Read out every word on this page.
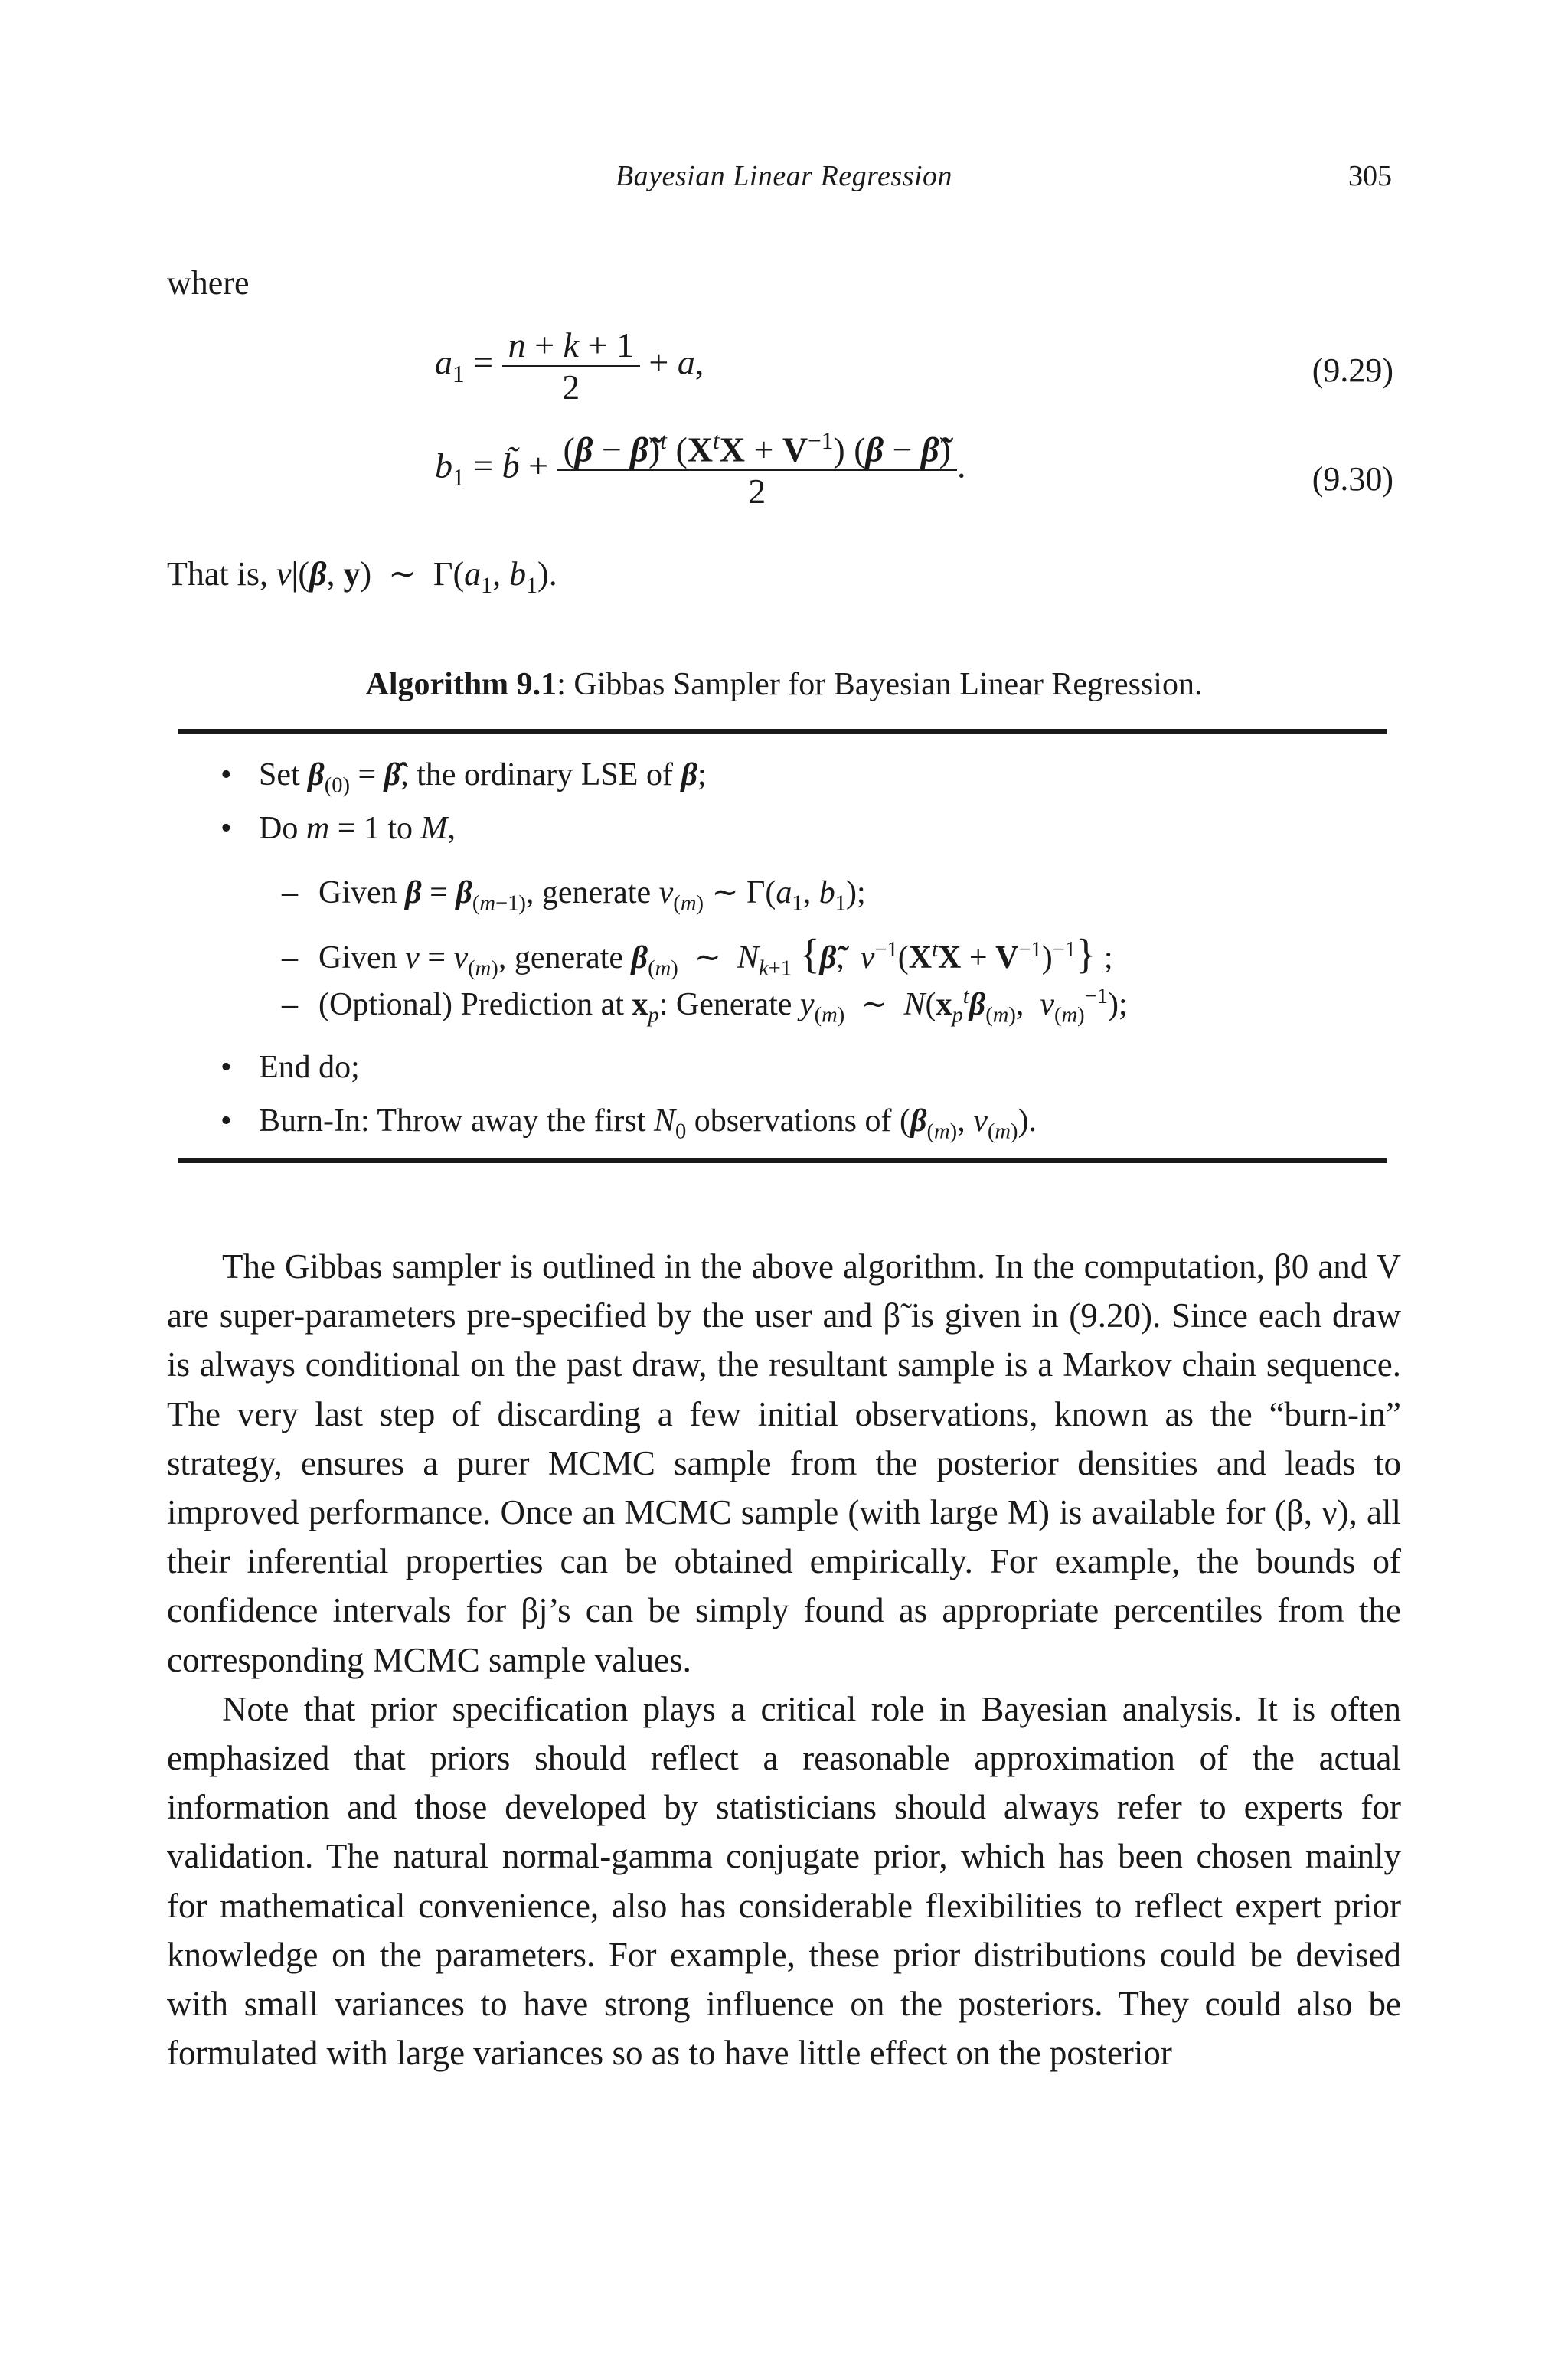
Bayesian Linear Regression	305
where
$a_1 = \frac{n + k + 1}{2} + a$,	(9.29)
$b_1$ = b̃ + $\frac{(\beta - \betã)^t (X^tX + V^{-1}) (\beta - \betã)}{2}$ .	(9.30)
That is, ν|(β, y)  ∼  $\Gamma(a_1$, $b_1$).
Algorithm 9.1: Gibbas Sampler for Bayesian Linear Regression.
• Set $\beta_{(0)}$ = β̂, the ordinary LSE of β;
• Do m = 1 to M,
– Given $\beta = \beta_{(m-1)}$, generate $\nu_{(m)}$ ∼ $\Gamma(a_1$, $b_1$);
– Given $\nu = \nu_{(m)}$, generate $\beta_{(m)}$  ∼  $N_{k+1}$ {β̃,  $\nu^{-1}(X^tX + V^{-1})^{-1}$} ;
– (Optional) Prediction at $x_p$: Generate $y_{(m)}$  ∼  $N(x_p^t\beta_{(m)}$,  $\nu_{(m)}^{-1}$);
• End do;
• Burn-In: Throw away the first $N_0$ observations of ($\beta_{(m)}$, $\nu_{(m)}$).

The Gibbas sampler is outlined in the above algorithm. In the computation, β0 and V are super-parameters pre-specified by the user and β̃ is given in (9.20). Since each draw is always conditional on the past draw, the resultant sample is a Markov chain sequence. The very last step of discarding a few initial observations, known as the “burn-in” strategy, ensures a purer MCMC sample from the posterior densities and leads to improved performance. Once an MCMC sample (with large M) is available for (β, ν), all their inferential properties can be obtained empirically. For example, the bounds of confidence intervals for βj’s can be simply found as appropriate percentiles from the corresponding MCMC sample values.

Note that prior specification plays a critical role in Bayesian analysis. It is often emphasized that priors should reflect a reasonable approximation of the actual information and those developed by statisticians should always refer to experts for validation. The natural normal-gamma conjugate prior, which has been chosen mainly for mathematical convenience, also has considerable flexibilities to reflect expert prior knowledge on the parameters. For example, these prior distributions could be devised with small variances to have strong influence on the posteriors. They could also be formulated with large variances so as to have little effect on the posterior
